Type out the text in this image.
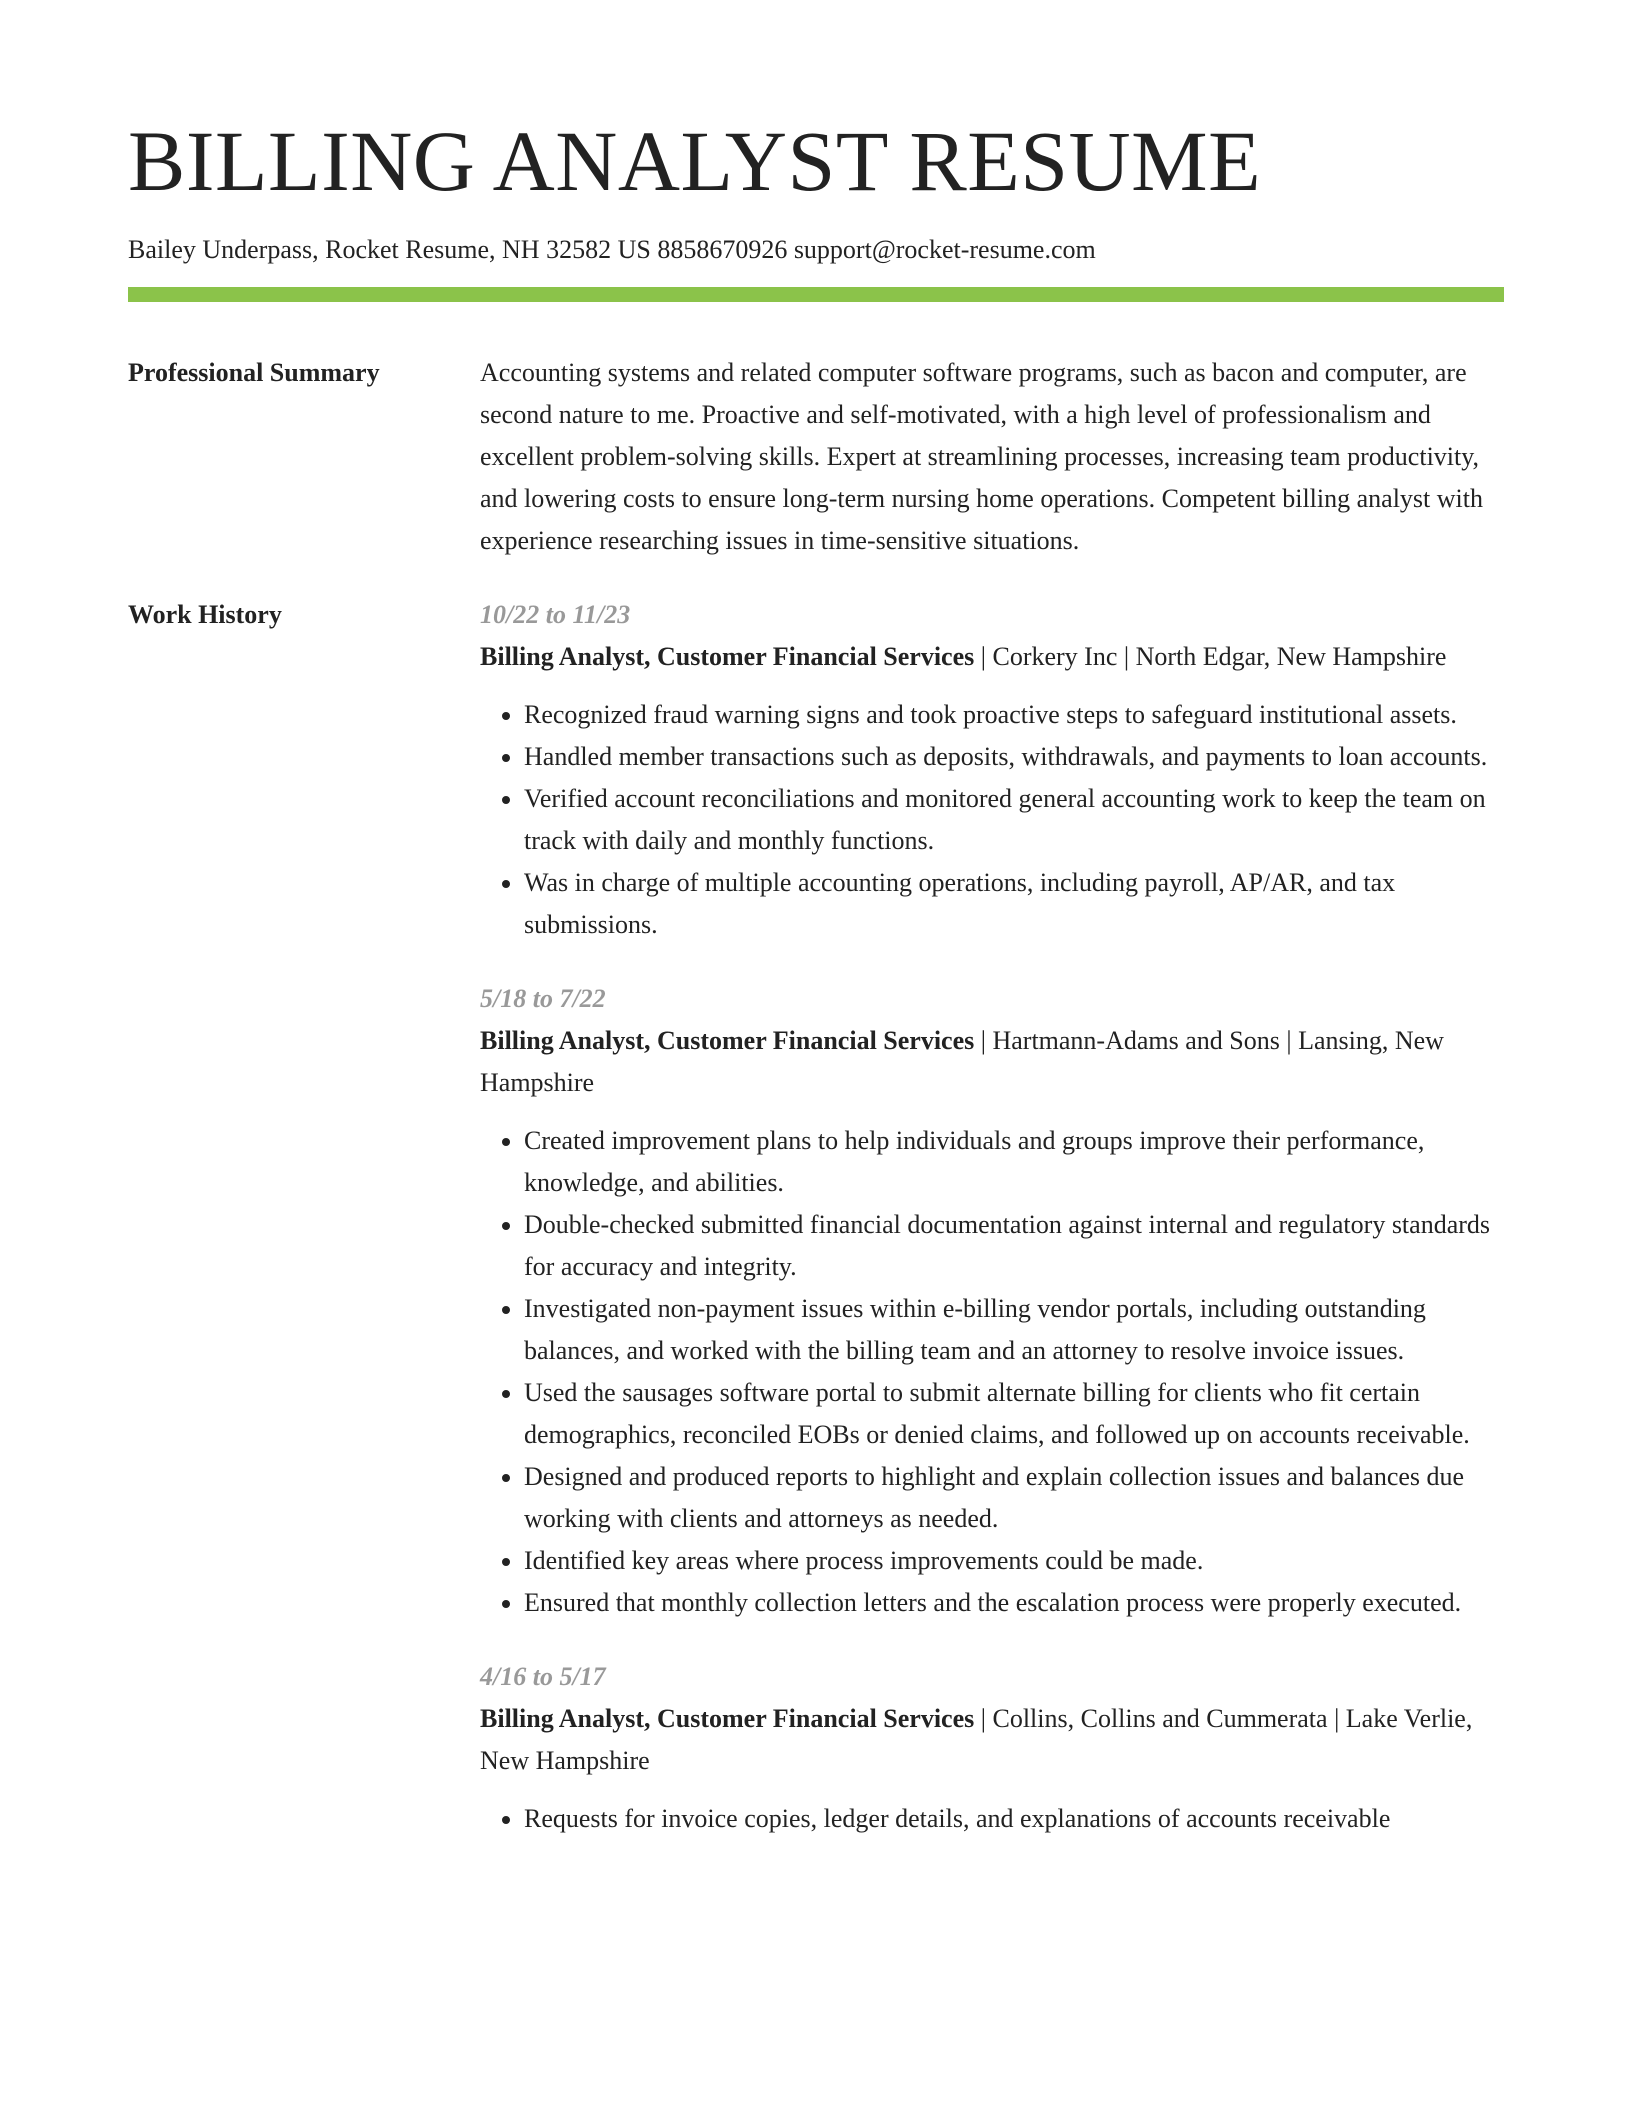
BILLING ANALYST RESUME
Bailey Underpass, Rocket Resume, NH 32582 US 8858670926 support@rocket-resume.com
Professional Summary	Accounting systems and related computer software programs, such as bacon and computer, are second nature to me. Proactive and self-motivated, with a high level of professionalism and excellent problem-solving skills. Expert at streamlining processes, increasing team productivity, and lowering costs to ensure long-term nursing home operations. Competent billing analyst with experience researching issues in time-sensitive situations.
Work History	10/22 to 11/23
Billing Analyst, Customer Financial Services | Corkery Inc | North Edgar, New Hampshire
• Recognized fraud warning signs and took proactive steps to safeguard institutional assets.
• Handled member transactions such as deposits, withdrawals, and payments to loan accounts.
• Verified account reconciliations and monitored general accounting work to keep the team on track with daily and monthly functions.
• Was in charge of multiple accounting operations, including payroll, AP/AR, and tax submissions.
5/18 to 7/22
Billing Analyst, Customer Financial Services | Hartmann-Adams and Sons | Lansing, New Hampshire
• Created improvement plans to help individuals and groups improve their performance, knowledge, and abilities.
• Double-checked submitted financial documentation against internal and regulatory standards for accuracy and integrity.
• Investigated non-payment issues within e-billing vendor portals, including outstanding balances, and worked with the billing team and an attorney to resolve invoice issues.
• Used the sausages software portal to submit alternate billing for clients who fit certain demographics, reconciled EOBs or denied claims, and followed up on accounts receivable.
• Designed and produced reports to highlight and explain collection issues and balances due working with clients and attorneys as needed.
• Identified key areas where process improvements could be made.
• Ensured that monthly collection letters and the escalation process were properly executed.
4/16 to 5/17
Billing Analyst, Customer Financial Services | Collins, Collins and Cummerata | Lake Verlie, New Hampshire
• Requests for invoice copies, ledger details, and explanations of accounts receivable
